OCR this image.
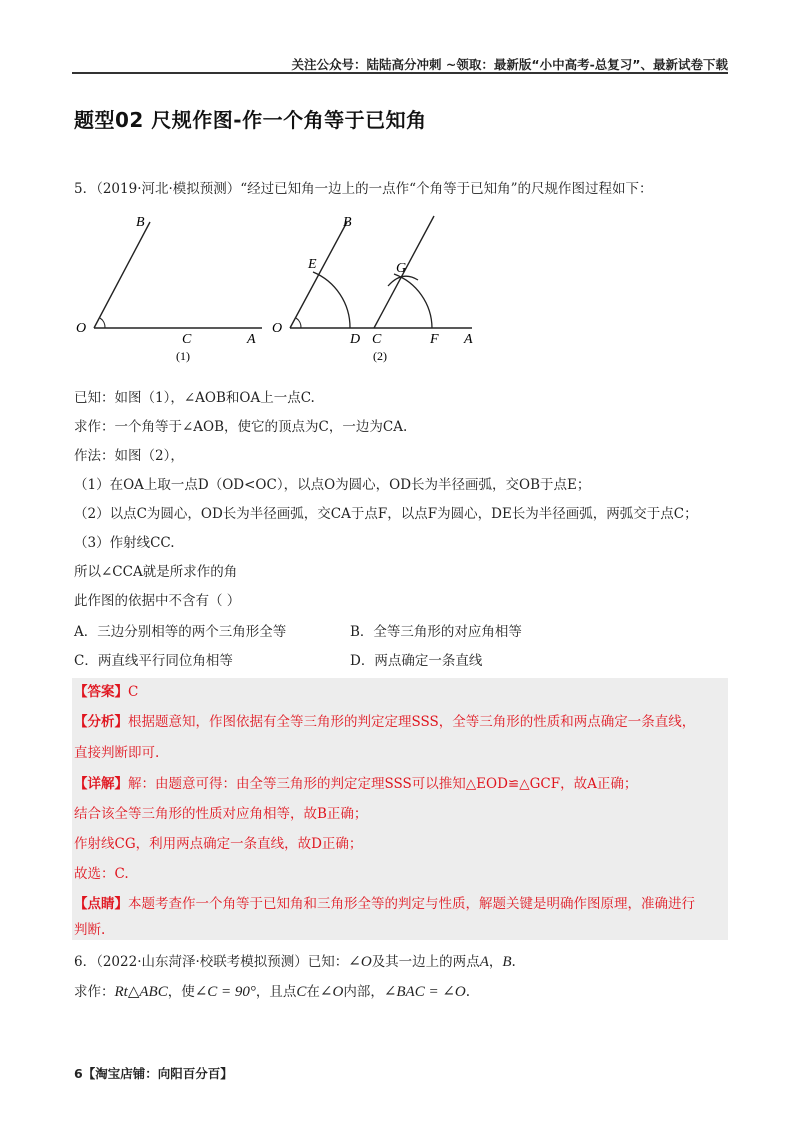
关注公众号：陆陆高分冲刺 ~领取：最新版“小中高考-总复习”、最新试卷下载
题型02 尺规作图-作一个角等于已知角
5．（2019·河北·模拟预测）“经过已知角一边上的一点作“个角等于已知角”的尺规作图过程如下：
B
O
C	A
(1)
B
E	G
O
D C	F A
(2)
已知：如图（1），∠AOB和OA上一点C.
求作：一个角等于∠AOB，使它的顶点为C，一边为CA.
作法：如图（2），
（1）在OA上取一点D（OD<OC），以点O为圆心，OD长为半径画弧，交OB于点E；
（2）以点C为圆心，OD长为半径画弧，交CA于点F，以点F为圆心，DE长为半径画弧，两弧交于点C；
（3）作射线CC.
所以∠CCA就是所求作的角
此作图的依据中不含有（ ）
A．三边分别相等的两个三角形全等	B．全等三角形的对应角相等
C．两直线平行同位角相等	D．两点确定一条直线
【答案】C
【分析】根据题意知，作图依据有全等三角形的判定定理SSS，全等三角形的性质和两点确定一条直线，
直接判断即可.
【详解】解：由题意可得：由全等三角形的判定定理SSS可以推知△EOD≌△GCF，故A正确；
结合该全等三角形的性质对应角相等，故B正确；
作射线CG，利用两点确定一条直线，故D正确；
故选：C.
【点睛】本题考查作一个角等于已知角和三角形全等的判定与性质，解题关键是明确作图原理，准确进行
判断.
6．（2022·山东菏泽·校联考模拟预测）已知：∠O及其一边上的两点A，B.
求作：Rt△ABC，使∠C = 90°，且点C在∠O内部，∠BAC = ∠O.
6【淘宝店铺：向阳百分百】
